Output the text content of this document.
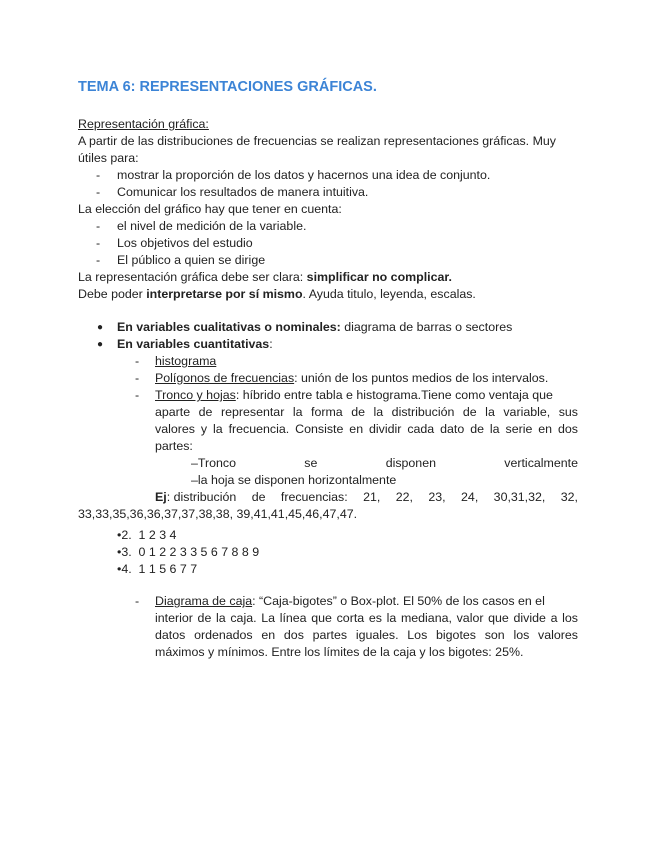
TEMA 6: REPRESENTACIONES GRÁFICAS.
Representación gráfica:
A partir de las distribuciones de frecuencias se realizan representaciones gráficas. Muy
útiles para:
- mostrar la proporción de los datos y hacernos una idea de conjunto.
- Comunicar los resultados de manera intuitiva.
La elección del gráfico hay que tener en cuenta:
- el nivel de medición de la variable.
- Los objetivos del estudio
- El público a quien se dirige
La representación gráfica debe ser clara: simplificar no complicar.
Debe poder interpretarse por sí mismo. Ayuda titulo, leyenda, escalas.
● En variables cualitativas o nominales: diagrama de barras o sectores
● En variables cuantitativas:
- histograma
- Polígonos de frecuencias: unión de los puntos medios de los intervalos.
- Tronco y hojas: híbrido entre tabla e histograma.Tiene como ventaja que
aparte de representar la forma de la distribución de la variable, sus
valores y la frecuencia. Consiste en dividir cada dato de la serie en dos
partes:
–Tronco	se	disponen	verticalmente
–la hoja se disponen horizontalmente
Ej: distribución de frecuencias: 21, 22, 23, 24, 30,31,32, 32,
33,33,35,36,36,37,37,38,38, 39,41,41,45,46,47,47.
•2.  1 2 3 4
•3.  0 1 2 2 3 3 5 6 7 8 8 9
•4.  1 1 5 6 7 7
- Diagrama de caja: “Caja-bigotes” o Box-plot. El 50% de los casos en el
interior de la caja. La línea que corta es la mediana, valor que divide a los
datos ordenados en dos partes iguales. Los bigotes son los valores
máximos y mínimos. Entre los límites de la caja y los bigotes: 25%.
